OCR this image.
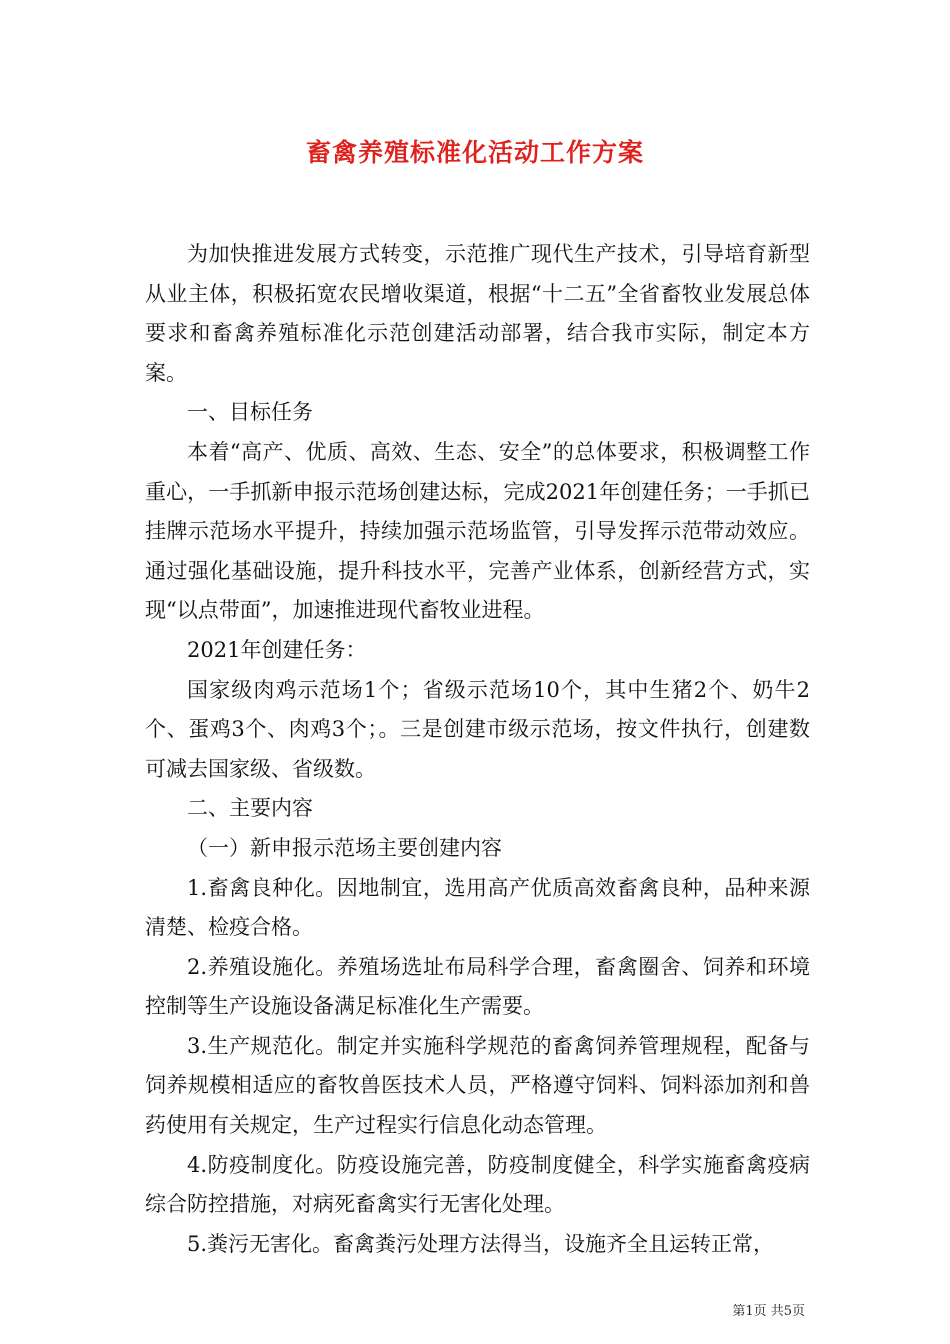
畜禽养殖标准化活动工作方案

为加快推进发展方式转变，示范推广现代生产技术，引导培育新型从业主体，积极拓宽农民增收渠道，根据“十二五”全省畜牧业发展总体要求和畜禽养殖标准化示范创建活动部署，结合我市实际，制定本方案。

一、目标任务

本着“高产、优质、高效、生态、安全”的总体要求，积极调整工作重心，一手抓新申报示范场创建达标，完成2021年创建任务；一手抓已挂牌示范场水平提升，持续加强示范场监管，引导发挥示范带动效应。通过强化基础设施，提升科技水平，完善产业体系，创新经营方式，实现“以点带面”，加速推进现代畜牧业进程。

2021年创建任务：

国家级肉鸡示范场1个；省级示范场10个，其中生猪2个、奶牛2个、蛋鸡3个、肉鸡3个；。三是创建市级示范场，按文件执行，创建数可减去国家级、省级数。

二、主要内容

（一）新申报示范场主要创建内容

1.畜禽良种化。因地制宜，选用高产优质高效畜禽良种，品种来源清楚、检疫合格。

2.养殖设施化。养殖场选址布局科学合理，畜禽圈舍、饲养和环境控制等生产设施设备满足标准化生产需要。

3.生产规范化。制定并实施科学规范的畜禽饲养管理规程，配备与饲养规模相适应的畜牧兽医技术人员，严格遵守饲料、饲料添加剂和兽药使用有关规定，生产过程实行信息化动态管理。

4.防疫制度化。防疫设施完善，防疫制度健全，科学实施畜禽疫病综合防控措施，对病死畜禽实行无害化处理。

5.粪污无害化。畜禽粪污处理方法得当，设施齐全且运转正常，

第1页 共5页
